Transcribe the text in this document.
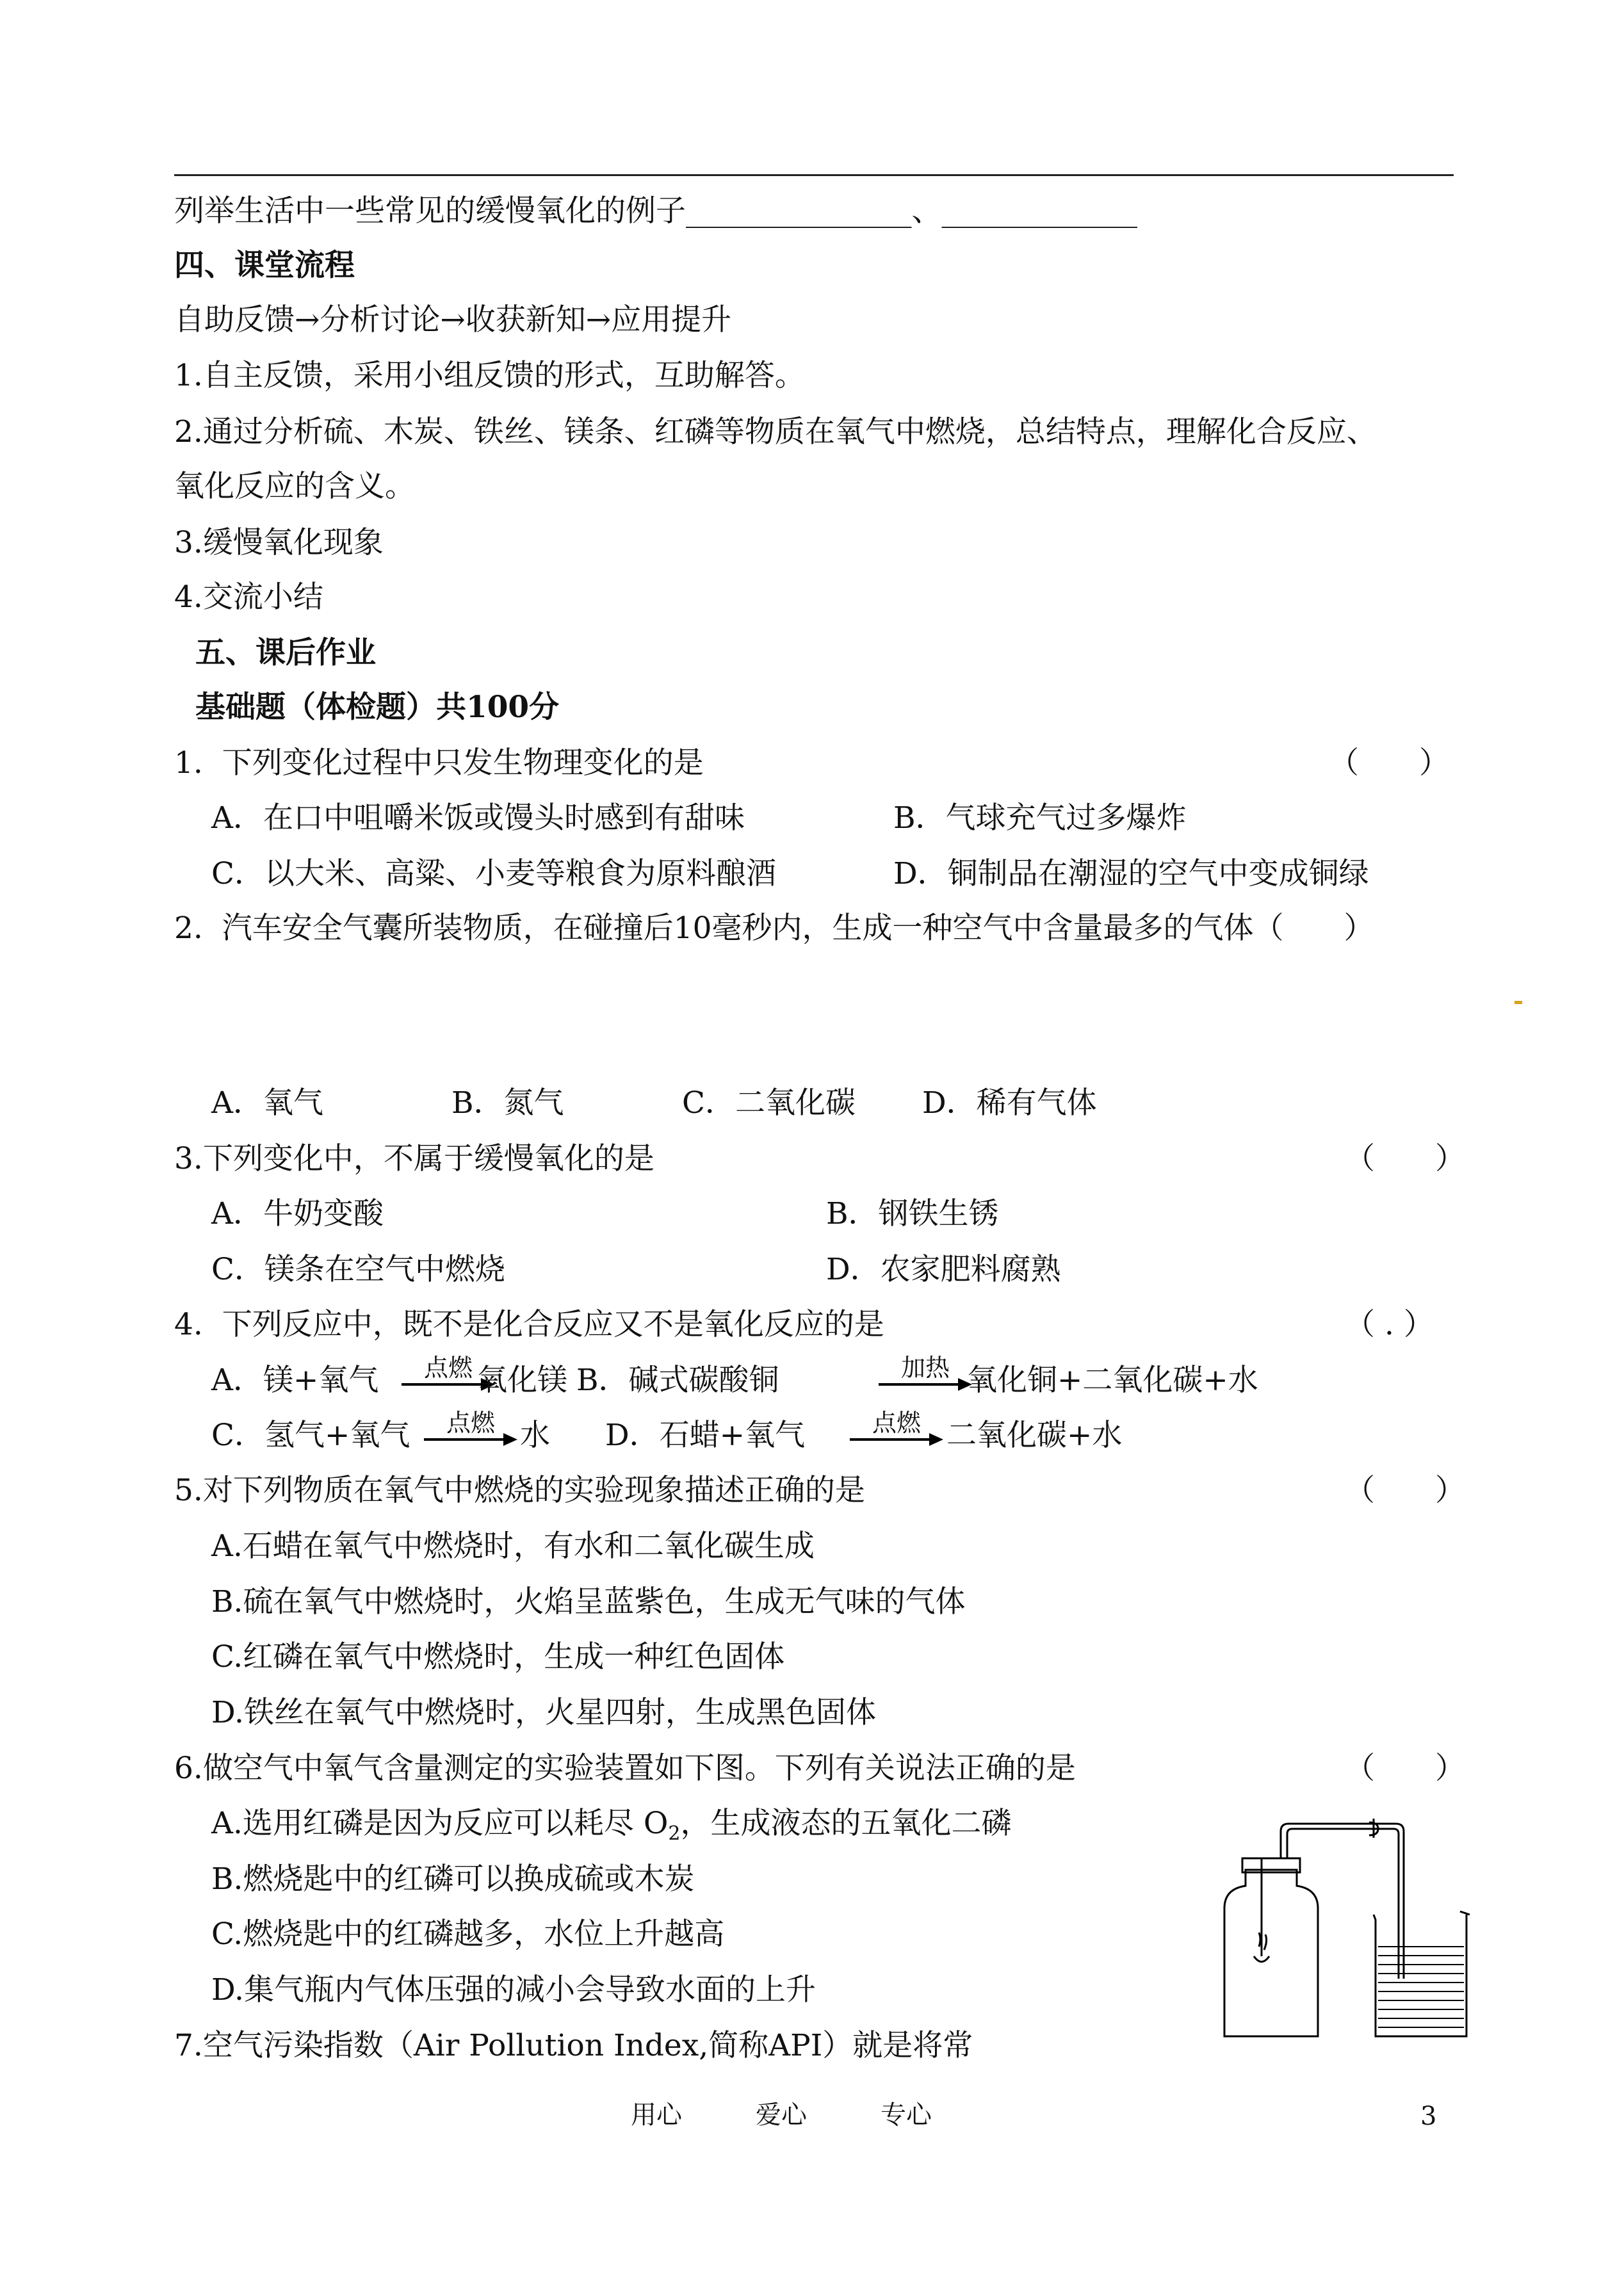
列举生活中一些常见的缓慢氧化的例子_______________、_____________
四、课堂流程
自助反馈→分析讨论→收获新知→应用提升
1.自主反馈，采用小组反馈的形式，互助解答。
2.通过分析硫、木炭、铁丝、镁条、红磷等物质在氧气中燃烧，总结特点，理解化合反应、
氧化反应的含义。
3.缓慢氧化现象
4.交流小结
五、课后作业
基础题（体检题）共100分
1.  下列变化过程中只发生物理变化的是	（　　）
A．在口中咀嚼米饭或馒头时感到有甜味	B．气球充气过多爆炸
C．以大米、高粱、小麦等粮食为原料酿酒	D．铜制品在潮湿的空气中变成铜绿
2.  汽车安全气囊所装物质，在碰撞后10毫秒内，生成一种空气中含量最多的气体（　　）
A．氧气	B．氮气	C．二氧化碳 D．稀有气体
3.下列变化中，不属于缓慢氧化的是	（　　）
A．牛奶变酸	B．钢铁生锈
C．镁条在空气中燃烧	D．农家肥料腐熟
4.  下列反应中，既不是化合反应又不是氧化反应的是	（ . ）
A．镁+氧气	点燃 氧化镁 B．碱式碳酸铜	加热 氧化铜+二氧化碳+水
C．氢气+氧气	点燃 水 D．石蜡+氧气	点燃 二氧化碳+水
5.对下列物质在氧气中燃烧的实验现象描述正确的是	（　　）
A.石蜡在氧气中燃烧时，有水和二氧化碳生成
B.硫在氧气中燃烧时，火焰呈蓝紫色，生成无气味的气体
C.红磷在氧气中燃烧时，生成一种红色固体
D.铁丝在氧气中燃烧时，火星四射，生成黑色固体
6.做空气中氧气含量测定的实验装置如下图。下列有关说法正确的是	（　　）
A.选用红磷是因为反应可以耗尽 $O_2$，生成液态的五氧化二磷
B.燃烧匙中的红磷可以换成硫或木炭
C.燃烧匙中的红磷越多，水位上升越高
D.集气瓶内气体压强的减小会导致水面的上升
7.空气污染指数（Air Pollution Index,简称API）就是将常
用心	爱心	专心	3
